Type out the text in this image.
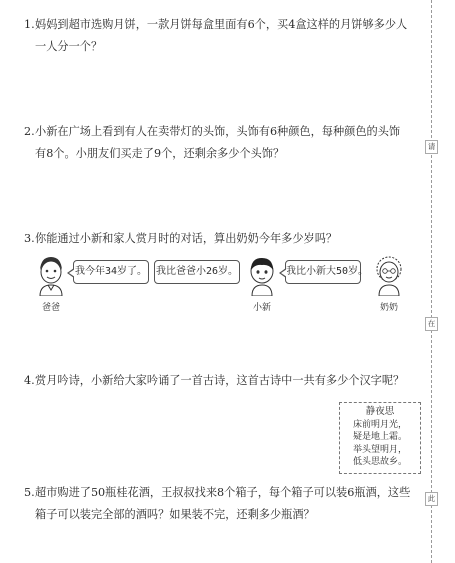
1.妈妈到超市选购月饼，一款月饼每盒里面有6个，买4盒这样的月饼够多少人
一人分一个？
2.小新在广场上看到有人在卖带灯的头饰，头饰有6种颜色，每种颜色的头饰
有8个。小朋友们买走了9个，还剩余多少个头饰？
3.你能通过小新和家人赏月时的对话，算出奶奶今年多少岁吗？
我今年34岁了。 我比爸爸小26岁。	我比小新大50岁。
爸爸	小新	奶奶
4.赏月吟诗，小新给大家吟诵了一首古诗，这首古诗中一共有多少个汉字呢？
静夜思
床前明月光，
疑是地上霜。
举头望明月，
低头思故乡。
5.超市购进了50瓶桂花酒，王叔叔找来8个箱子，每个箱子可以装6瓶酒，这些
箱子可以装完全部的酒吗？如果装不完，还剩多少瓶酒？
请
在
此
